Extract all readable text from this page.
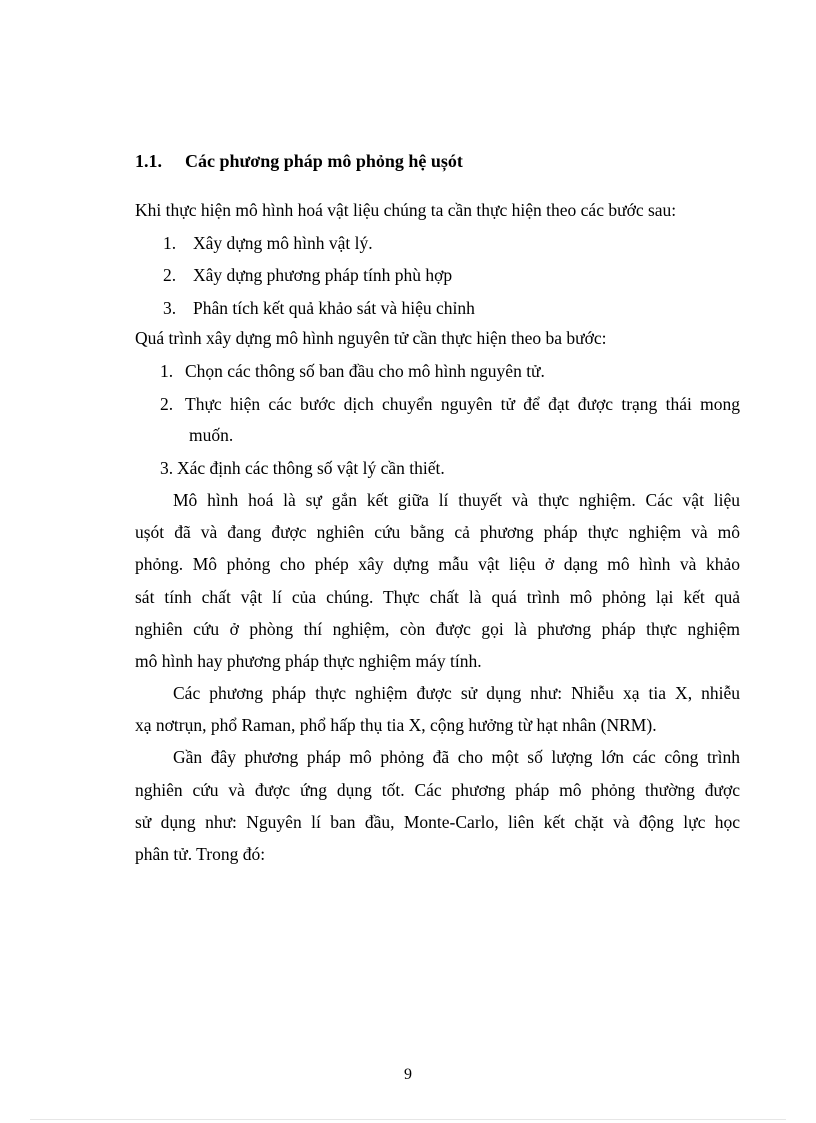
1.1. Các phương pháp mô phỏng hệ ușót
Khi thực hiện mô hình hoá vật liệu chúng ta cần thực hiện theo các bước sau:
1. Xây dựng mô hình vật lý.
2. Xây dựng phương pháp tính phù hợp
3. Phân tích kết quả khảo sát và hiệu chỉnh
Quá trình xây dựng mô hình nguyên tử cần thực hiện theo ba bước:
1. Chọn các thông số ban đầu cho mô hình nguyên tử.
2. Thực hiện các bước dịch chuyển nguyên tử để đạt được trạng thái mong
muốn.
3. Xác định các thông số vật lý cần thiết.
Mô hình hoá là sự gắn kết giữa lí thuyết và thực nghiệm. Các vật liệu
ușót đã và đang được nghiên cứu bằng cả phương pháp thực nghiệm và mô
phỏng. Mô phỏng cho phép xây dựng mẫu vật liệu ở dạng mô hình và khảo
sát tính chất vật lí của chúng. Thực chất là quá trình mô phỏng lại kết quả
nghiên cứu ở phòng thí nghiệm, còn được gọi là phương pháp thực nghiệm
mô hình hay phương pháp thực nghiệm máy tính.
Các phương pháp thực nghiệm được sử dụng như: Nhiễu xạ tia X, nhiễu
xạ nơtrụn, phổ Raman, phổ hấp thụ tia X, cộng hưởng từ hạt nhân (NRM).
Gần đây phương pháp mô phỏng đã cho một số lượng lớn các công trình
nghiên cứu và được ứng dụng tốt. Các phương pháp mô phỏng thường được
sử dụng như: Nguyên lí ban đầu, Monte-Carlo, liên kết chặt và động lực học
phân tử. Trong đó:
9
